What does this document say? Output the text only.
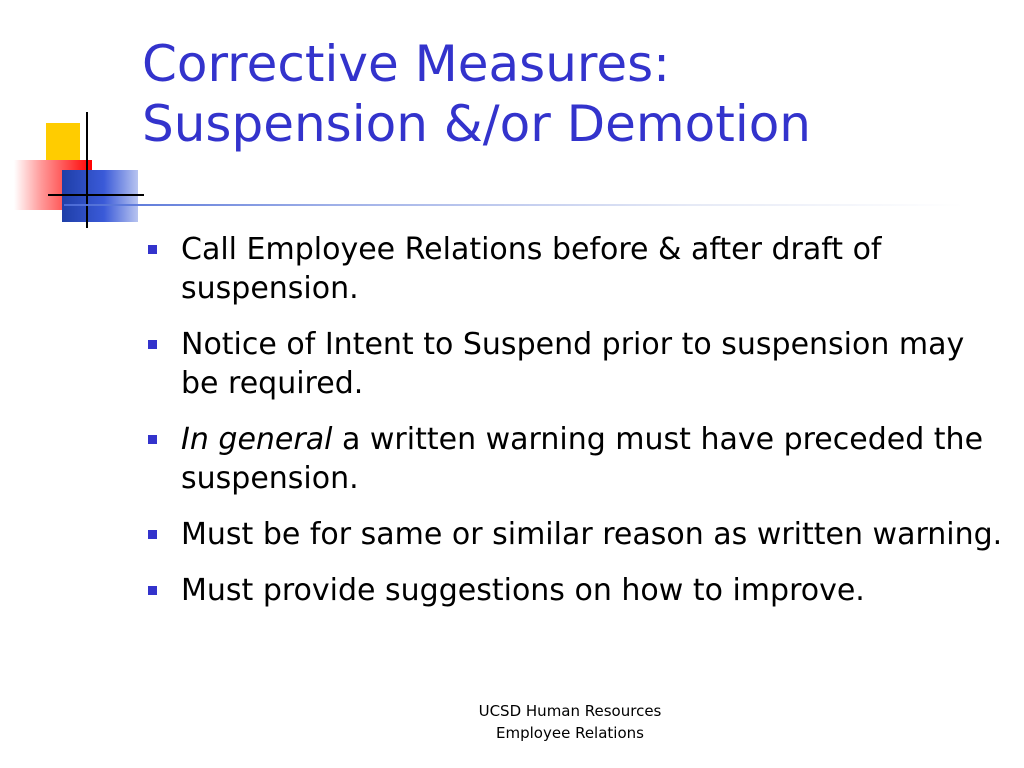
Corrective Measures:
Suspension &/or Demotion
Call Employee Relations before & after draft of suspension.
Notice of Intent to Suspend prior to suspension may be required.
In general a written warning must have preceded the suspension.
Must be for same or similar reason as written warning.
Must provide suggestions on how to improve.
UCSD Human Resources
Employee Relations
